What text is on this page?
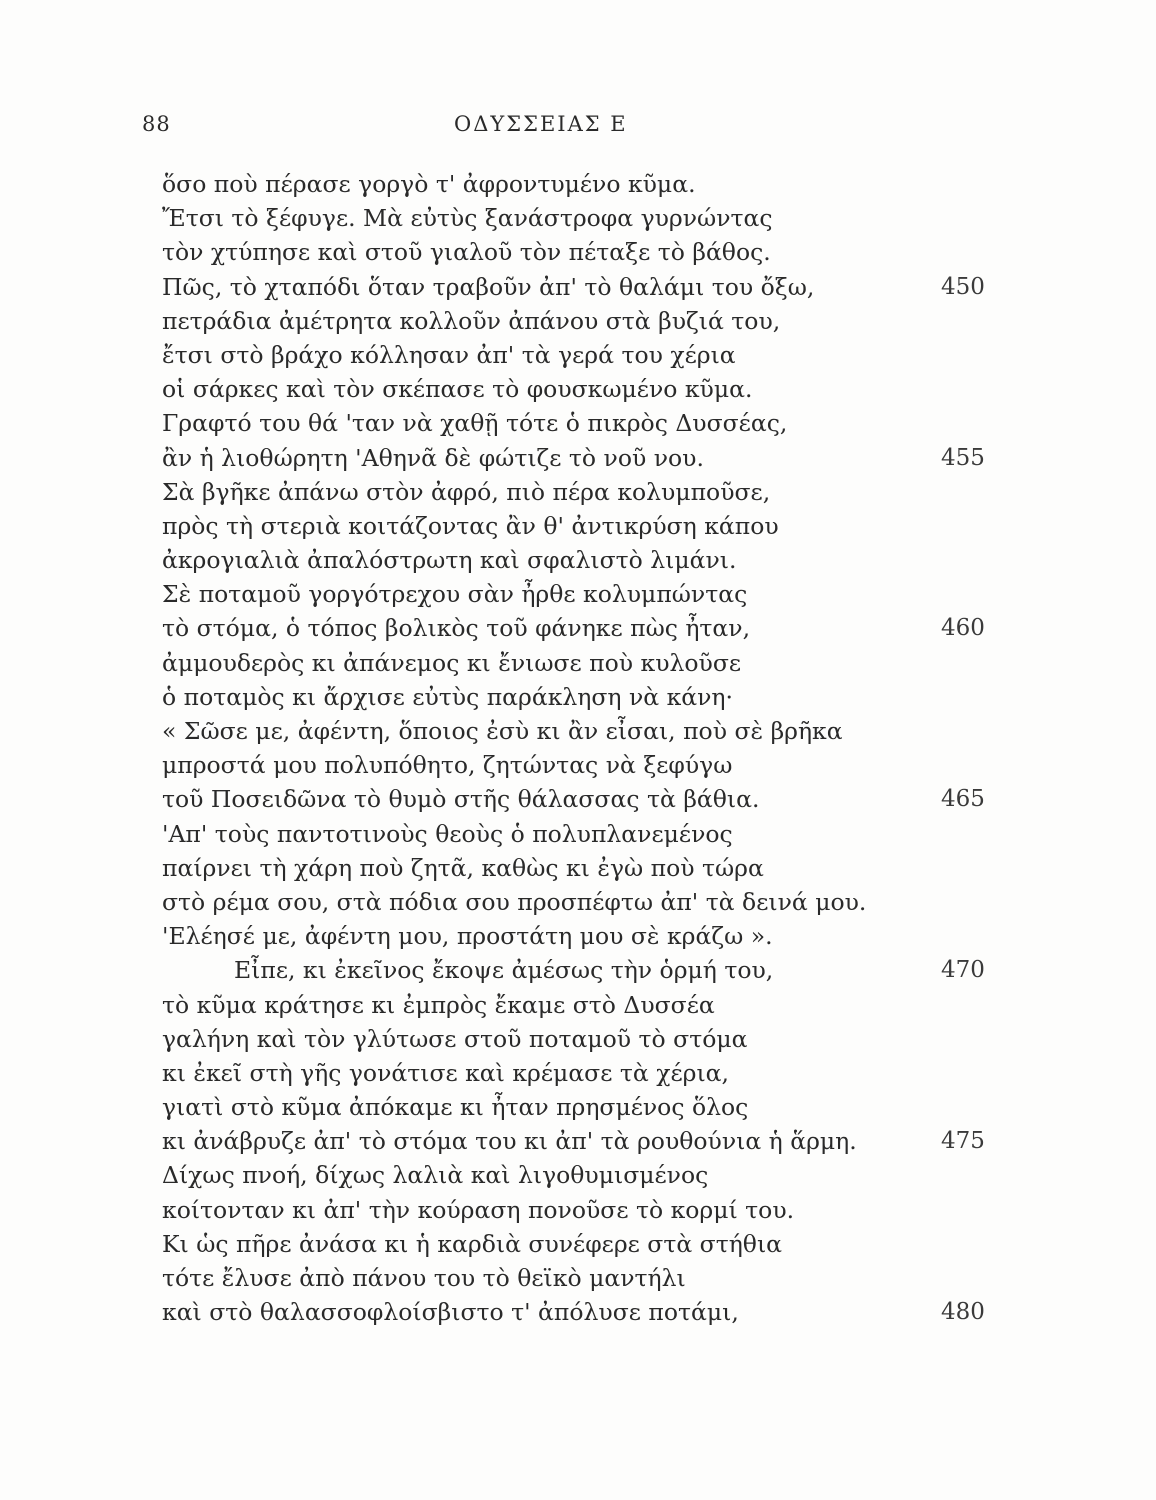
88	ΟΔΥΣΣΕΙΑΣ Ε
ὅσο ποὺ πέρασε γοργὸ τ' ἀφροντυμένο κῦμα.
Ἔτσι τὸ ξέφυγε. Μὰ εὐτὺς ξανάστροφα γυρνώντας
τὸν χτύπησε καὶ στοῦ γιαλοῦ τὸν πέταξε τὸ βάθος.
Πῶς, τὸ χταπόδι ὅταν τραβοῦν ἀπ' τὸ θαλάμι του ὄξω,	450
πετράδια ἀμέτρητα κολλοῦν ἀπάνου στὰ βυζιά του,
ἔτσι στὸ βράχο κόλλησαν ἀπ' τὰ γερά του χέρια
οἱ σάρκες καὶ τὸν σκέπασε τὸ φουσκωμένο κῦμα.
Γραφτό του θά 'ταν νὰ χαθῇ τότε ὁ πικρὸς Δυσσέας,
ἂν ἡ λιοθώρητη 'Αθηνᾶ δὲ φώτιζε τὸ νοῦ νου.	455
Σὰ βγῆκε ἀπάνω στὸν ἀφρό, πιὸ πέρα κολυμποῦσε,
πρὸς τὴ στεριὰ κοιτάζοντας ἂν θ' ἀντικρύση κάπου
ἀκρογιαλιὰ ἀπαλόστρωτη καὶ σφαλιστὸ λιμάνι.
Σὲ ποταμοῦ γοργότρεχου σὰν ἦρθε κολυμπώντας
τὸ στόμα, ὁ τόπος βολικὸς τοῦ φάνηκε πὼς ἦταν,	460
ἀμμουδερὸς κι ἀπάνεμος κι ἔνιωσε ποὺ κυλοῦσε
ὁ ποταμὸς κι ἄρχισε εὐτὺς παράκληση νὰ κάνη·
« Σῶσε με, ἀφέντη, ὅποιος ἐσὺ κι ἂν εἶσαι, ποὺ σὲ βρῆκα
μπροστά μου πολυπόθητο, ζητώντας νὰ ξεφύγω
τοῦ Ποσειδῶνα τὸ θυμὸ στῆς θάλασσας τὰ βάθια.	465
'Απ' τοὺς παντοτινοὺς θεοὺς ὁ πολυπλανεμένος
παίρνει τὴ χάρη ποὺ ζητᾶ, καθὼς κι ἐγὼ ποὺ τώρα
στὸ ρέμα σου, στὰ πόδια σου προσπέφτω ἀπ' τὰ δεινά μου.
'Ελέησέ με, ἀφέντη μου, προστάτη μου σὲ κράζω ».
Εἶπε, κι ἐκεῖνος ἔκοψε ἀμέσως τὴν ὁρμή του,	470
τὸ κῦμα κράτησε κι ἐμπρὸς ἔκαμε στὸ Δυσσέα
γαλήνη καὶ τὸν γλύτωσε στοῦ ποταμοῦ τὸ στόμα
κι ἐκεῖ στὴ γῆς γονάτισε καὶ κρέμασε τὰ χέρια,
γιατὶ στὸ κῦμα ἀπόκαμε κι ἦταν πρησμένος ὅλος
κι ἀνάβρυζε ἀπ' τὸ στόμα του κι ἀπ' τὰ ρουθούνια ἡ ἅρμη.	475
Δίχως πνοή, δίχως λαλιὰ καὶ λιγοθυμισμένος
κοίτονταν κι ἀπ' τὴν κούραση πονοῦσε τὸ κορμί του.
Κι ὡς πῆρε ἀνάσα κι ἡ καρδιὰ συνέφερε στὰ στήθια
τότε ἔλυσε ἀπὸ πάνου του τὸ θεϊκὸ μαντήλι
καὶ στὸ θαλασσοφλοίσβιστο τ' ἀπόλυσε ποτάμι,	480
